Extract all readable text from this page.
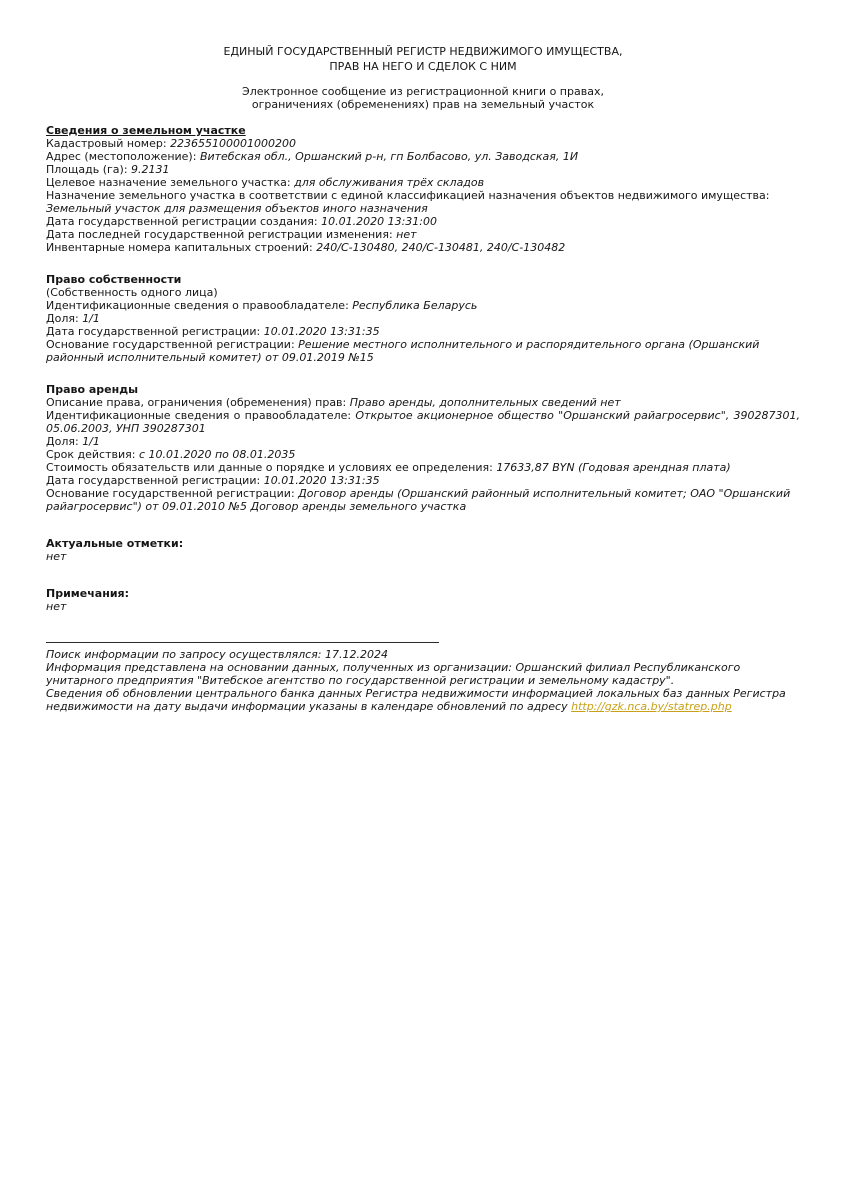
ЕДИНЫЙ ГОСУДАРСТВЕННЫЙ РЕГИСТР НЕДВИЖИМОГО ИМУЩЕСТВА,

ПРАВ НА НЕГО И СДЕЛОК С НИМ

Электронное сообщение из регистрационной книги о правах,

ограничениях (обременениях) прав на земельный участок

Сведения о земельном участке

Кадастровый номер: 223655100001000200

Адрес (местоположение): Витебская обл., Оршанский р-н, гп Болбасово, ул. Заводская, 1И

Площадь (га): 9.2131

Целевое назначение земельного участка: для обслуживания трёх складов

Назначение земельного участка в соответствии с единой классификацией назначения объектов недвижимого имущества: Земельный участок для размещения объектов иного назначения

Дата государственной регистрации создания: 10.01.2020 13:31:00

Дата последней государственной регистрации изменения: нет

Инвентарные номера капитальных строений: 240/С-130480, 240/С-130481, 240/С-130482

Право собственности

(Собственность одного лица)

Идентификационные сведения о правообладателе: Республика Беларусь

Доля: 1/1

Дата государственной регистрации: 10.01.2020 13:31:35

Основание государственной регистрации: Решение местного исполнительного и распорядительного органа (Оршанский районный исполнительный комитет) от 09.01.2019 №15

Право аренды

Описание права, ограничения (обременения) прав: Право аренды, дополнительных сведений нет

Идентификационные сведения о правообладателе: Открытое акционерное общество "Оршанский райагросервис", 390287301, 05.06.2003, УНП 390287301

Доля: 1/1

Срок действия: с 10.01.2020 по 08.01.2035

Стоимость обязательств или данные о порядке и условиях ее определения: 17633,87 BYN (Годовая арендная плата)

Дата государственной регистрации: 10.01.2020 13:31:35

Основание государственной регистрации: Договор аренды (Оршанский районный исполнительный комитет; ОАО "Оршанский райагросервис") от 09.01.2010 №5 Договор аренды земельного участка

Актуальные отметки:

нет

Примечания:

нет

Поиск информации по запросу осуществлялся: 17.12.2024

Информация представлена на основании данных, полученных из организации: Оршанский филиал Республиканского унитарного предприятия "Витебское агентство по государственной регистрации и земельному кадастру".

Сведения об обновлении центрального банка данных Регистра недвижимости информацией локальных баз данных Регистра недвижимости на дату выдачи информации указаны в календаре обновлений по адресу http://gzk.nca.by/statrep.php
